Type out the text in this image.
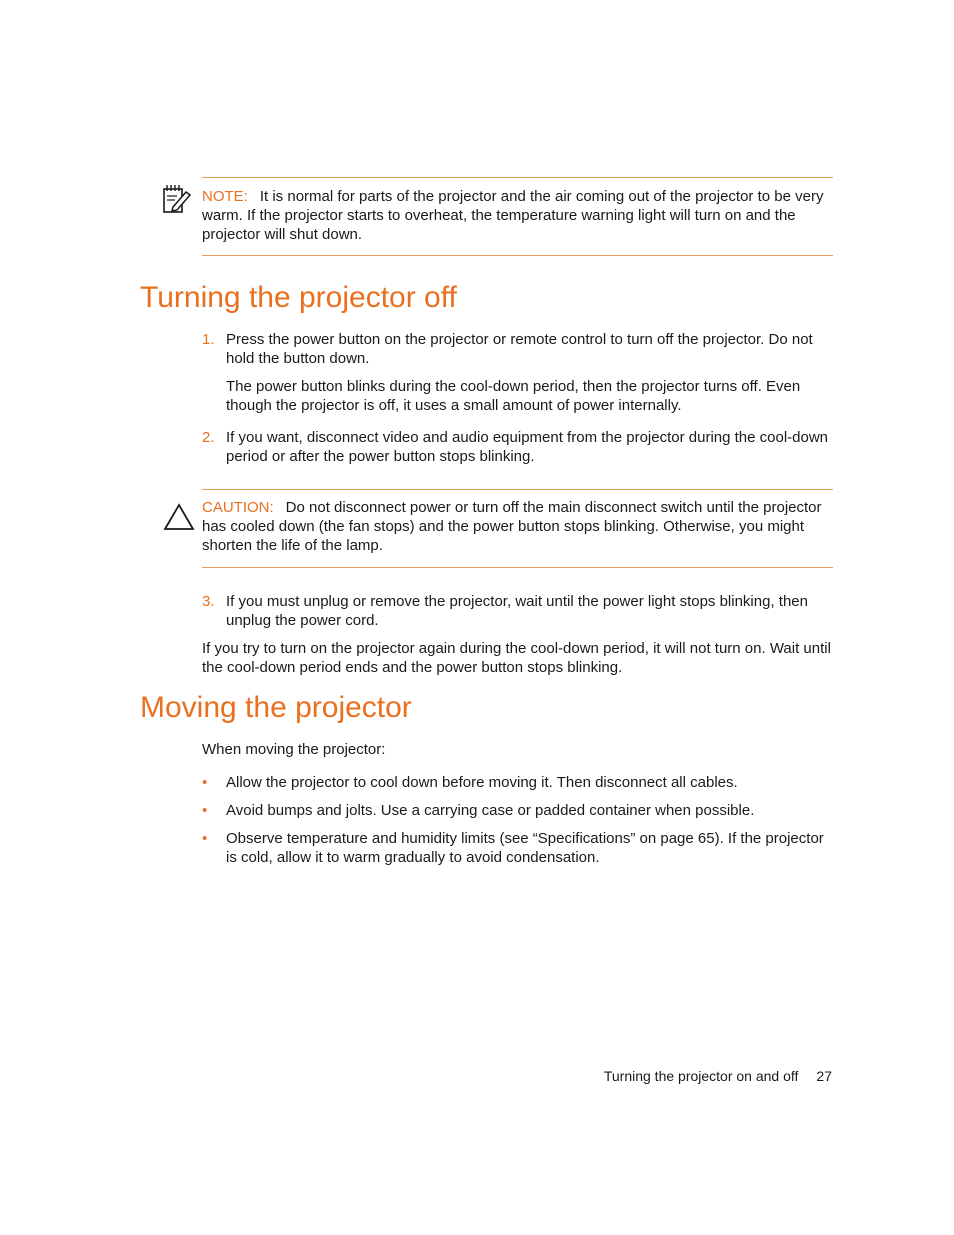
NOTE: It is normal for parts of the projector and the air coming out of the projector to be very warm. If the projector starts to overheat, the temperature warning light will turn on and the projector will shut down.
Turning the projector off
1. Press the power button on the projector or remote control to turn off the projector. Do not hold the button down.
The power button blinks during the cool-down period, then the projector turns off. Even though the projector is off, it uses a small amount of power internally.
2. If you want, disconnect video and audio equipment from the projector during the cool-down period or after the power button stops blinking.
CAUTION: Do not disconnect power or turn off the main disconnect switch until the projector has cooled down (the fan stops) and the power button stops blinking. Otherwise, you might shorten the life of the lamp.
3. If you must unplug or remove the projector, wait until the power light stops blinking, then unplug the power cord.
If you try to turn on the projector again during the cool-down period, it will not turn on. Wait until the cool-down period ends and the power button stops blinking.
Moving the projector
When moving the projector:
• Allow the projector to cool down before moving it. Then disconnect all cables.
• Avoid bumps and jolts. Use a carrying case or padded container when possible.
• Observe temperature and humidity limits (see “Specifications” on page 65). If the projector is cold, allow it to warm gradually to avoid condensation.
Turning the projector on and off 27
